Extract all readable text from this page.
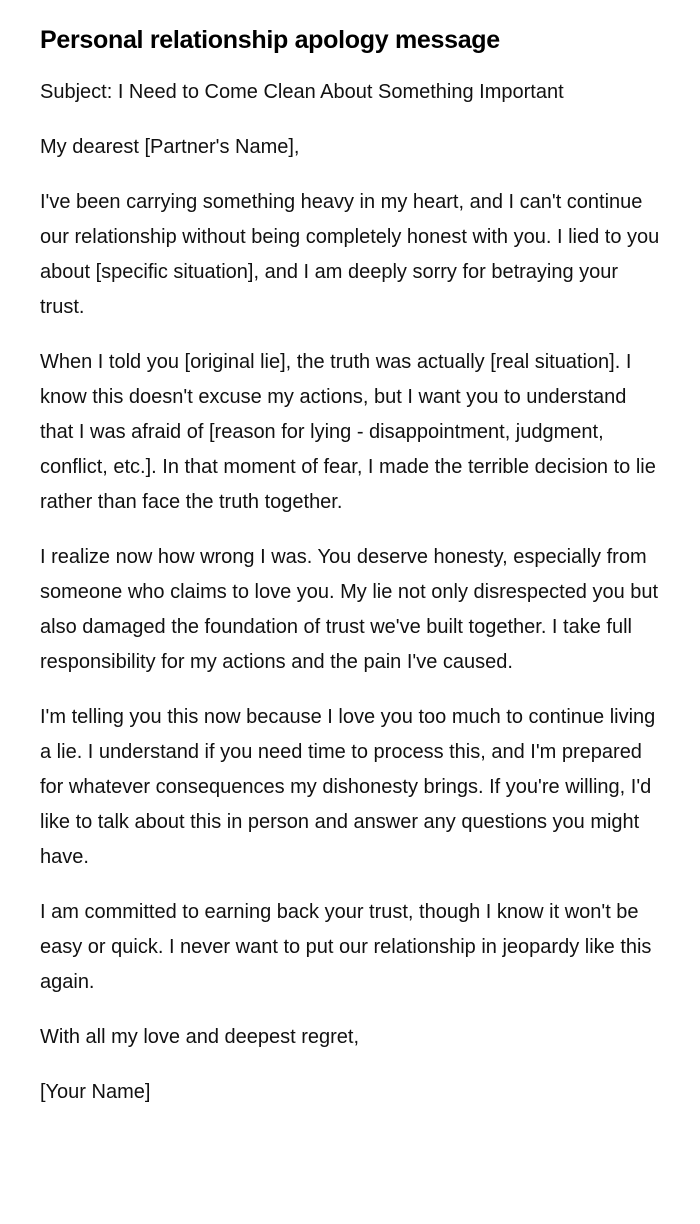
Personal relationship apology message

Subject: I Need to Come Clean About Something Important

My dearest [Partner's Name],

I've been carrying something heavy in my heart, and I can't continue our relationship without being completely honest with you. I lied to you about [specific situation], and I am deeply sorry for betraying your trust.

When I told you [original lie], the truth was actually [real situation]. I know this doesn't excuse my actions, but I want you to understand that I was afraid of [reason for lying - disappointment, judgment, conflict, etc.]. In that moment of fear, I made the terrible decision to lie rather than face the truth together.

I realize now how wrong I was. You deserve honesty, especially from someone who claims to love you. My lie not only disrespected you but also damaged the foundation of trust we've built together. I take full responsibility for my actions and the pain I've caused.

I'm telling you this now because I love you too much to continue living a lie. I understand if you need time to process this, and I'm prepared for whatever consequences my dishonesty brings. If you're willing, I'd like to talk about this in person and answer any questions you might have.

I am committed to earning back your trust, though I know it won't be easy or quick. I never want to put our relationship in jeopardy like this again.

With all my love and deepest regret,

[Your Name]
